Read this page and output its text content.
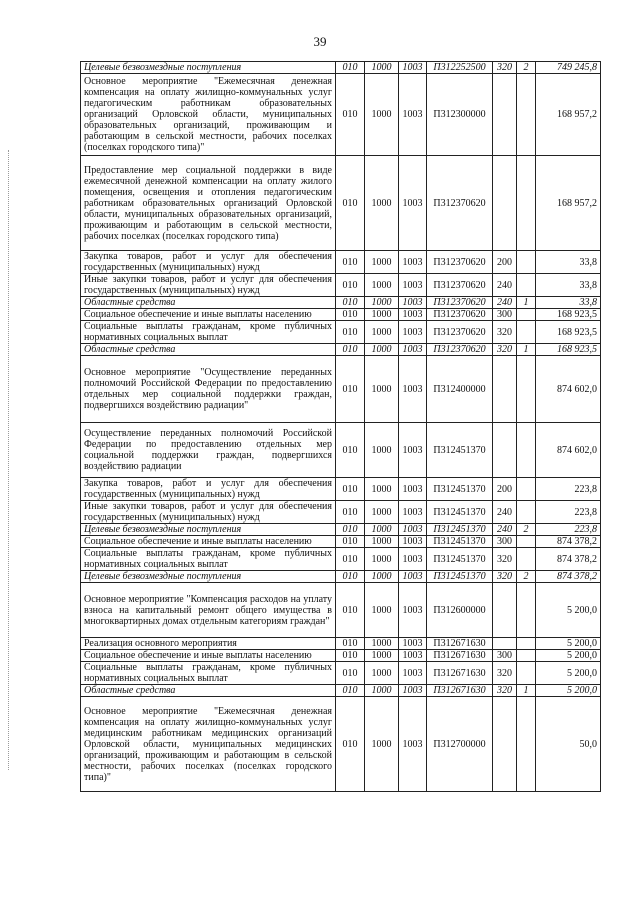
39
Целевые безвозмездные поступления	010	1000	1003	П312252500	320	2	749 245,8
Основное мероприятие "Ежемесячная денежная компенсация на оплату жилищно-коммунальных услуг педагогическим работникам образовательных организаций Орловской области, муниципальных образовательных организаций, проживающим и работающим в сельской местности, рабочих поселках (поселках городского типа)"	010	1000	1003	П312300000			168 957,2
Предоставление мер социальной поддержки в виде ежемесячной денежной компенсации на оплату жилого помещения, освещения и отопления педагогическим работникам образовательных организаций Орловской области, муниципальных образовательных организаций, проживающим и работающим в сельской местности, рабочих поселках (поселках городского типа)	010	1000	1003	П312370620			168 957,2
Закупка товаров, работ и услуг для обеспечения государственных (муниципальных) нужд	010	1000	1003	П312370620	200		33,8
Иные закупки товаров, работ и услуг для обеспечения государственных (муниципальных) нужд	010	1000	1003	П312370620	240		33,8
Областные средства	010	1000	1003	П312370620	240	1	33,8
Социальное обеспечение и иные выплаты населению	010	1000	1003	П312370620	300		168 923,5
Социальные выплаты гражданам, кроме публичных нормативных социальных выплат	010	1000	1003	П312370620	320		168 923,5
Областные средства	010	1000	1003	П312370620	320	1	168 923,5
Основное мероприятие "Осуществление переданных полномочий Российской Федерации по предоставлению отдельных мер социальной поддержки граждан, подвергшихся воздействию радиации"	010	1000	1003	П312400000			874 602,0
Осуществление переданных полномочий Российской Федерации по предоставлению отдельных мер социальной поддержки граждан, подвергшихся воздействию радиации	010	1000	1003	П312451370			874 602,0
Закупка товаров, работ и услуг для обеспечения государственных (муниципальных) нужд	010	1000	1003	П312451370	200		223,8
Иные закупки товаров, работ и услуг для обеспечения государственных (муниципальных) нужд	010	1000	1003	П312451370	240		223,8
Целевые безвозмездные поступления	010	1000	1003	П312451370	240	2	223,8
Социальное обеспечение и иные выплаты населению	010	1000	1003	П312451370	300		874 378,2
Социальные выплаты гражданам, кроме публичных нормативных социальных выплат	010	1000	1003	П312451370	320		874 378,2
Целевые безвозмездные поступления	010	1000	1003	П312451370	320	2	874 378,2
Основное мероприятие "Компенсация расходов на уплату взноса на капитальный ремонт общего имущества в многоквартирных домах отдельным категориям граждан"	010	1000	1003	П312600000			5 200,0
Реализация основного мероприятия	010	1000	1003	П312671630			5 200,0
Социальное обеспечение и иные выплаты населению	010	1000	1003	П312671630	300		5 200,0
Социальные выплаты гражданам, кроме публичных нормативных социальных выплат	010	1000	1003	П312671630	320		5 200,0
Областные средства	010	1000	1003	П312671630	320	1	5 200,0
Основное мероприятие "Ежемесячная денежная компенсация на оплату жилищно-коммунальных услуг медицинским работникам медицинских организаций Орловской области, муниципальных медицинских организаций, проживающим и работающим в сельской местности, рабочих поселках (поселках городского типа)"	010	1000	1003	П312700000			50,0
